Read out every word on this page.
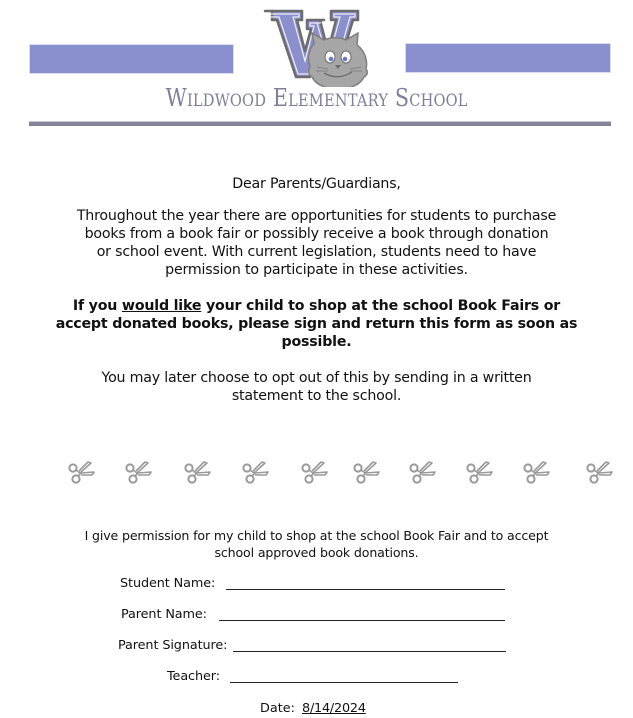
Wildwood Elementary School
Dear Parents/Guardians,
Throughout the year there are opportunities for students to purchase
books from a book fair or possibly receive a book through donation
or school event. With current legislation, students need to have
permission to participate in these activities.
If you would like your child to shop at the school Book Fairs or
accept donated books, please sign and return this form as soon as
possible.
You may later choose to opt out of this by sending in a written
statement to the school.
I give permission for my child to shop at the school Book Fair and to accept
school approved book donations.
Student Name:
Parent Name:
Parent Signature:
Teacher:
Date: 8/14/2024
